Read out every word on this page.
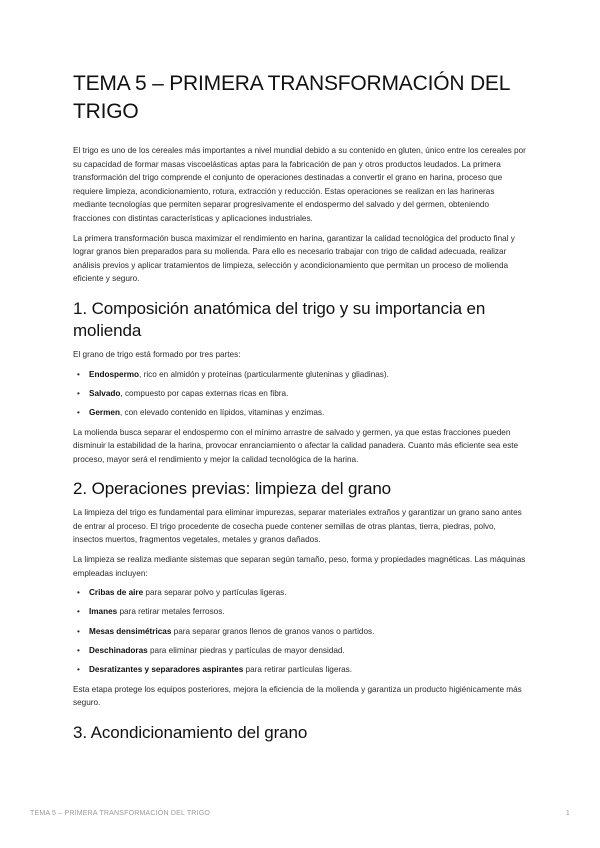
TEMA 5 – PRIMERA TRANSFORMACIÓN DEL TRIGO

El trigo es uno de los cereales más importantes a nivel mundial debido a su contenido en gluten, único entre los cereales por su capacidad de formar masas viscoelásticas aptas para la fabricación de pan y otros productos leudados. La primera transformación del trigo comprende el conjunto de operaciones destinadas a convertir el grano en harina, proceso que requiere limpieza, acondicionamiento, rotura, extracción y reducción. Estas operaciones se realizan en las harineras mediante tecnologías que permiten separar progresivamente el endospermo del salvado y del germen, obteniendo fracciones con distintas características y aplicaciones industriales.

La primera transformación busca maximizar el rendimiento en harina, garantizar la calidad tecnológica del producto final y lograr granos bien preparados para su molienda. Para ello es necesario trabajar con trigo de calidad adecuada, realizar análisis previos y aplicar tratamientos de limpieza, selección y acondicionamiento que permitan un proceso de molienda eficiente y seguro.

1. Composición anatómica del trigo y su importancia en molienda

El grano de trigo está formado por tres partes:

• Endospermo, rico en almidón y proteínas (particularmente gluteninas y gliadinas).
• Salvado, compuesto por capas externas ricas en fibra.
• Germen, con elevado contenido en lípidos, vitaminas y enzimas.

La molienda busca separar el endospermo con el mínimo arrastre de salvado y germen, ya que estas fracciones pueden disminuir la estabilidad de la harina, provocar enranciamiento o afectar la calidad panadera. Cuanto más eficiente sea este proceso, mayor será el rendimiento y mejor la calidad tecnológica de la harina.

2. Operaciones previas: limpieza del grano

La limpieza del trigo es fundamental para eliminar impurezas, separar materiales extraños y garantizar un grano sano antes de entrar al proceso. El trigo procedente de cosecha puede contener semillas de otras plantas, tierra, piedras, polvo, insectos muertos, fragmentos vegetales, metales y granos dañados.

La limpieza se realiza mediante sistemas que separan según tamaño, peso, forma y propiedades magnéticas. Las máquinas empleadas incluyen:

• Cribas de aire para separar polvo y partículas ligeras.
• Imanes para retirar metales ferrosos.
• Mesas densimétricas para separar granos llenos de granos vanos o partidos.
• Deschinadoras para eliminar piedras y partículas de mayor densidad.
• Desratizantes y separadores aspirantes para retirar partículas ligeras.

Esta etapa protege los equipos posteriores, mejora la eficiencia de la molienda y garantiza un producto higiénicamente más seguro.

3. Acondicionamiento del grano
TEMA 5 – PRIMERA TRANSFORMACIÓN DEL TRIGO	1
